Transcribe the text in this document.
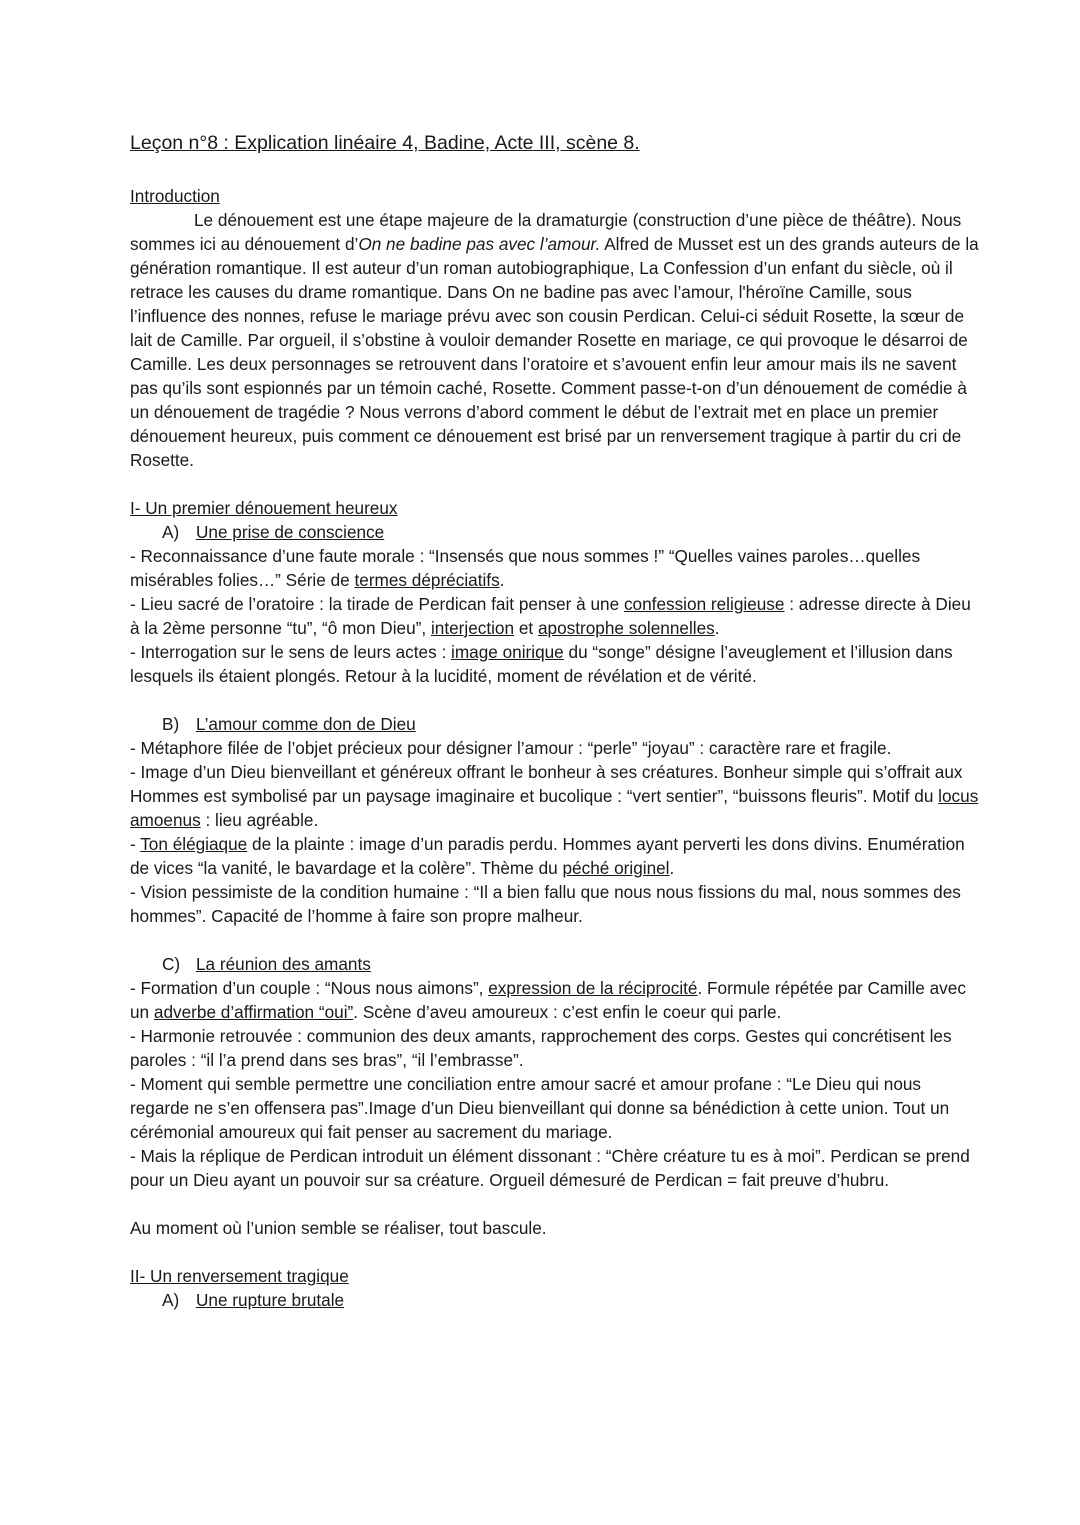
Leçon n°8 : Explication linéaire 4, Badine, Acte III, scène 8.
Introduction

Le dénouement est une étape majeure de la dramaturgie (construction d’une pièce de théâtre). Nous sommes ici au dénouement d’On ne badine pas avec l’amour. Alfred de Musset est un des grands auteurs de la génération romantique. Il est auteur d’un roman autobiographique, La Confession d’un enfant du siècle, où il retrace les causes du drame romantique. Dans On ne badine pas avec l’amour, l'héroïne Camille, sous l’influence des nonnes, refuse le mariage prévu avec son cousin Perdican. Celui-ci séduit Rosette, la sœur de lait de Camille. Par orgueil, il s’obstine à vouloir demander Rosette en mariage, ce qui provoque le désarroi de Camille. Les deux personnages se retrouvent dans l’oratoire et s’avouent enfin leur amour mais ils ne savent pas qu’ils sont espionnés par un témoin caché, Rosette. Comment passe-t-on d’un dénouement de comédie à un dénouement de tragédie ? Nous verrons d’abord comment le début de l’extrait met en place un premier dénouement heureux, puis comment ce dénouement est brisé par un renversement tragique à partir du cri de Rosette.

I- Un premier dénouement heureux
A) Une prise de conscience

- Reconnaissance d’une faute morale : “Insensés que nous sommes !” “Quelles vaines paroles…quelles misérables folies…” Série de termes dépréciatifs.

- Lieu sacré de l’oratoire : la tirade de Perdican fait penser à une confession religieuse : adresse directe à Dieu à la 2ème personne “tu”, “ô mon Dieu”, interjection et apostrophe solennelles.

- Interrogation sur le sens de leurs actes : image onirique du “songe” désigne l’aveuglement et l’illusion dans lesquels ils étaient plongés. Retour à la lucidité, moment de révélation et de vérité.

B) L’amour comme don de Dieu

- Métaphore filée de l’objet précieux pour désigner l’amour : “perle” “joyau” : caractère rare et fragile.

- Image d’un Dieu bienveillant et généreux offrant le bonheur à ses créatures. Bonheur simple qui s’offrait aux Hommes est symbolisé par un paysage imaginaire et bucolique : “vert sentier”, “buissons fleuris”. Motif du locus amoenus : lieu agréable.

- Ton élégiaque de la plainte : image d’un paradis perdu. Hommes ayant perverti les dons divins. Enumération de vices “la vanité, le bavardage et la colère”. Thème du péché originel.

- Vision pessimiste de la condition humaine : “Il a bien fallu que nous nous fissions du mal, nous sommes des hommes”. Capacité de l’homme à faire son propre malheur.

C) La réunion des amants

- Formation d’un couple : “Nous nous aimons”, expression de la réciprocité. Formule répétée par Camille avec un adverbe d’affirmation “oui”. Scène d’aveu amoureux : c’est enfin le coeur qui parle.

- Harmonie retrouvée : communion des deux amants, rapprochement des corps. Gestes qui concrétisent les paroles : “il l’a prend dans ses bras”, “il l’embrasse”.

- Moment qui semble permettre une conciliation entre amour sacré et amour profane : “Le Dieu qui nous regarde ne s’en offensera pas”.Image d’un Dieu bienveillant qui donne sa bénédiction à cette union. Tout un cérémonial amoureux qui fait penser au sacrement du mariage.

- Mais la réplique de Perdican introduit un élément dissonant : “Chère créature tu es à moi”. Perdican se prend pour un Dieu ayant un pouvoir sur sa créature. Orgueil démesuré de Perdican = fait preuve d’hubru.

Au moment où l’union semble se réaliser, tout bascule.

II- Un renversement tragique
A) Une rupture brutale
